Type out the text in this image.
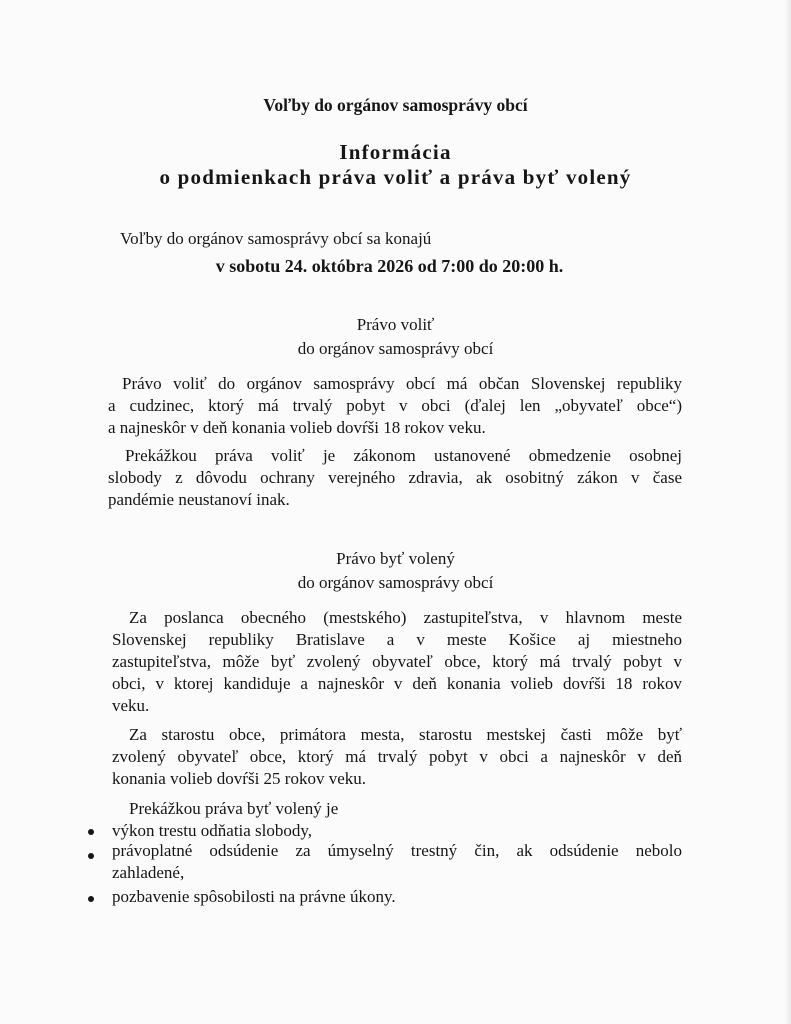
Voľby do orgánov samosprávy obcí
Informácia
o podmienkach práva voliť a práva byť volený
Voľby do orgánov samosprávy obcí sa konajú
v sobotu 24. októbra 2026 od 7:00 do 20:00 h.
Právo voliť
do orgánov samosprávy obcí
Právo voliť do orgánov samosprávy obcí má občan Slovenskej republiky
a cudzinec, ktorý má trvalý pobyt v obci (ďalej len „obyvateľ obce“)
a najneskôr v deň konania volieb dovŕši 18 rokov veku.
Prekážkou práva voliť je zákonom ustanovené obmedzenie osobnej
slobody z dôvodu ochrany verejného zdravia, ak osobitný zákon v čase
pandémie neustanoví inak.
Právo byť volený
do orgánov samosprávy obcí
Za poslanca obecného (mestského) zastupiteľstva, v hlavnom meste
Slovenskej republiky Bratislave a v meste Košice aj miestneho
zastupiteľstva, môže byť zvolený obyvateľ obce, ktorý má trvalý pobyt v
obci, v ktorej kandiduje a najneskôr v deň konania volieb dovŕši 18 rokov
veku.
Za starostu obce, primátora mesta, starostu mestskej časti môže byť
zvolený obyvateľ obce, ktorý má trvalý pobyt v obci a najneskôr v deň
konania volieb dovŕši 25 rokov veku.
Prekážkou práva byť volený je
výkon trestu odňatia slobody,
právoplatné odsúdenie za úmyselný trestný čin, ak odsúdenie nebolo
zahladené,
pozbavenie spôsobilosti na právne úkony.
